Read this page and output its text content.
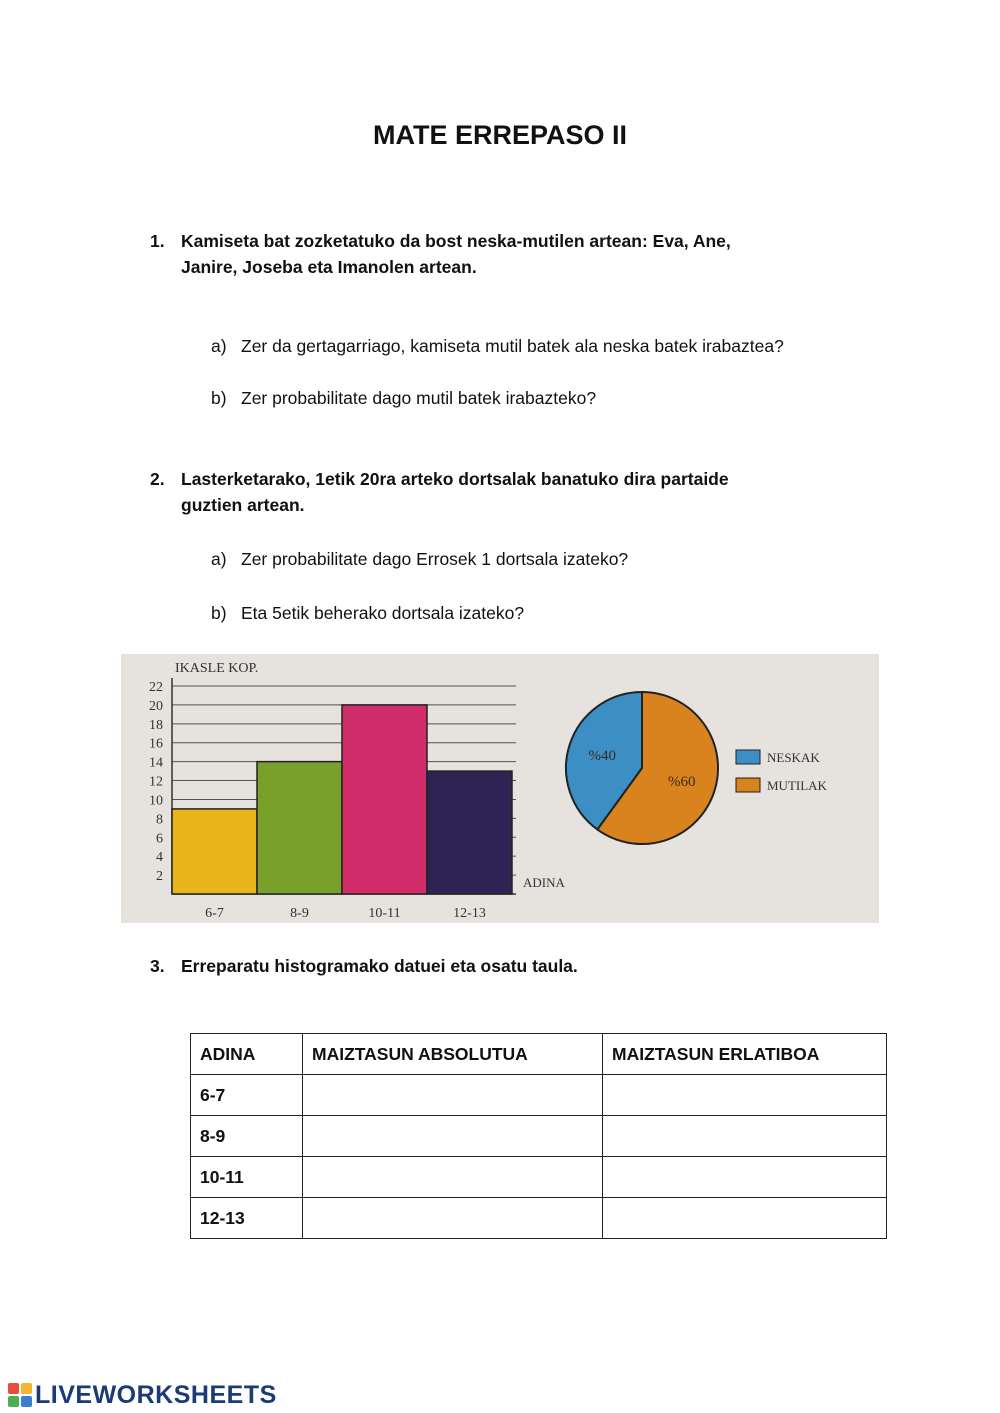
MATE ERREPASO II
1. Kamiseta bat zozketatuko da bost neska-mutilen artean: Eva, Ane,
Janire, Joseba eta Imanolen artean.
a) Zer da gertagarriago, kamiseta mutil batek ala neska batek irabaztea?
b) Zer probabilitate dago mutil batek irabazteko?
2. Lasterketarako, 1etik 20ra arteko dortsalak banatuko dira partaide
guztien artean.
a) Zer probabilitate dago Errosek 1 dortsala izateko?
b) Eta 5etik beherako dortsala izateko?
2
4
6
8
10
12
14
16
18
20
22
IKASLE KOP.
ADINA
6-7	8-9	10-11	12-13
%60
%40	NESKAK
MUTILAK
3. Erreparatu histogramako datuei eta osatu taula.
ADINA	MAIZTASUN ABSOLUTUA	MAIZTASUN ERLATIBOA
6-7		
8-9		
10-11		
12-13		
LIVEWORKSHEETS
